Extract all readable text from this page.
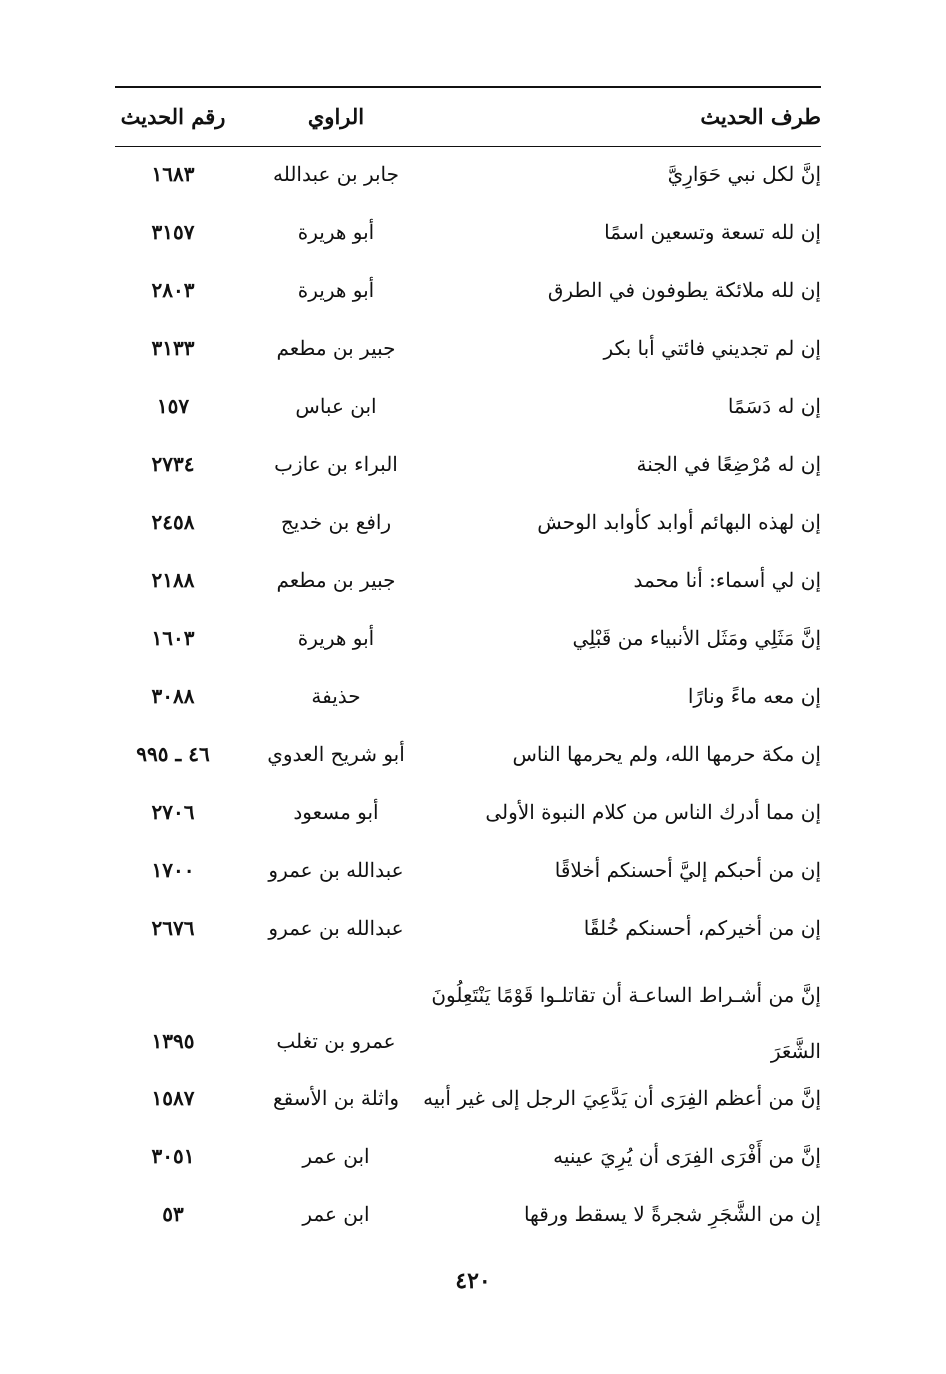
طرف الحديث
الراوي
رقم الحديث
إنَّ لكل نبي حَوَارِيَّ
جابر بن عبدالله
١٦٨٣
إن لله تسعة وتسعين اسمًا
أبو هريرة
٣١٥٧
إن لله ملائكة يطوفون في الطرق
أبو هريرة
٢٨٠٣
إن لم تجديني فائتي أبا بكر
جبير بن مطعم
٣١٣٣
إن له دَسَمًا
ابن عباس
١٥٧
إن له مُرْضِعًا في الجنة
البراء بن عازب
٢٧٣٤
إن لهذه البهائم أوابد كأوابد الوحش
رافع بن خديج
٢٤٥٨
إن لي أسماء: أنا محمد
جبير بن مطعم
٢١٨٨
إنَّ مَثَلِي ومَثَل الأنبياء من قَبْلِي
أبو هريرة
١٦٠٣
إن معه ماءً ونارًا
حذيفة
٣٠٨٨
إن مكة حرمها الله، ولم يحرمها الناس
أبو شريح العدوي
٤٦ ـ ٩٩٥
إن مما أدرك الناس من كلام النبوة الأولى
أبو مسعود
٢٧٠٦
إن من أحبكم إليَّ أحسنكم أخلاقًا
عبدالله بن عمرو
١٧٠٠
إن من أخيركم، أحسنكم خُلقًا
عبدالله بن عمرو
٢٦٧٦
إنَّ من أشـراط الساعـة أن تقاتلـوا قَوْمًا يَنْتَعِلُونَ الشَّعَرَ
عمرو بن تغلب
١٣٩٥
إنَّ من أعظم الفِرَى أن يَدَّعِيَ الرجل إلى غير أبيه
واثلة بن الأسقع
١٥٨٧
إنَّ من أَفْرَى الفِرَى أن يُرِيَ عينيه
ابن عمر
٣٠٥١
إن من الشَّجَرِ شجرةً لا يسقط ورقها
ابن عمر
٥٣
٤٢٠
